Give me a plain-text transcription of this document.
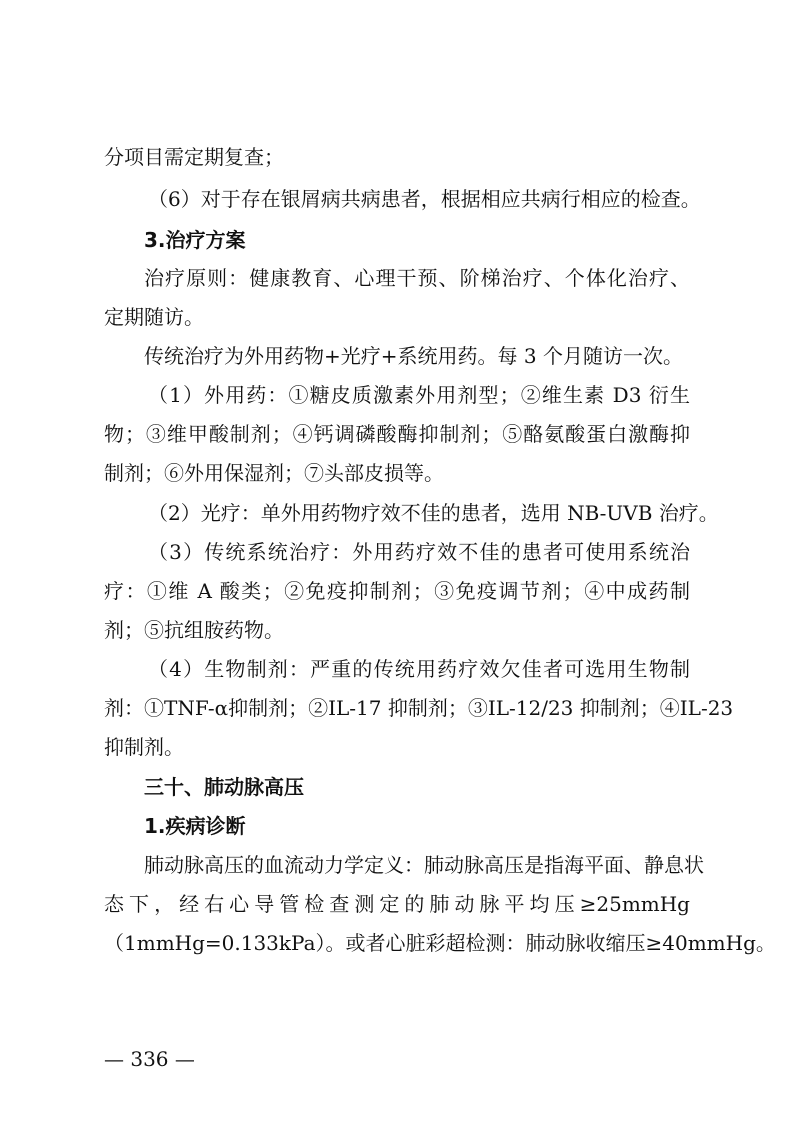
分项目需定期复查；
（6）对于存在银屑病共病患者，根据相应共病行相应的检查。
3.治疗方案
治疗原则：健康教育、心理干预、阶梯治疗、个体化治疗、
定期随访。
传统治疗为外用药物+光疗+系统用药。每 3 个月随访一次。
（1）外用药：①糖皮质激素外用剂型；②维生素 D3 衍生
物；③维甲酸制剂；④钙调磷酸酶抑制剂；⑤酪氨酸蛋白激酶抑
制剂；⑥外用保湿剂；⑦头部皮损等。
（2）光疗：单外用药物疗效不佳的患者，选用 NB-UVB 治疗。
（3）传统系统治疗：外用药疗效不佳的患者可使用系统治
疗：①维 A 酸类；②免疫抑制剂；③免疫调节剂；④中成药制
剂；⑤抗组胺药物。
（4）生物制剂：严重的传统用药疗效欠佳者可选用生物制
剂：①TNF-α抑制剂；②IL-17 抑制剂；③IL-12/23 抑制剂；④IL-23
抑制剂。
三十、肺动脉高压
1.疾病诊断
肺动脉高压的血流动力学定义：肺动脉高压是指海平面、静息状
态下，经右心导管检查测定的肺动脉平均压≥25mmHg
（1mmHg=0.133kPa）。或者心脏彩超检测：肺动脉收缩压≥40mmHg。
— 336 —
